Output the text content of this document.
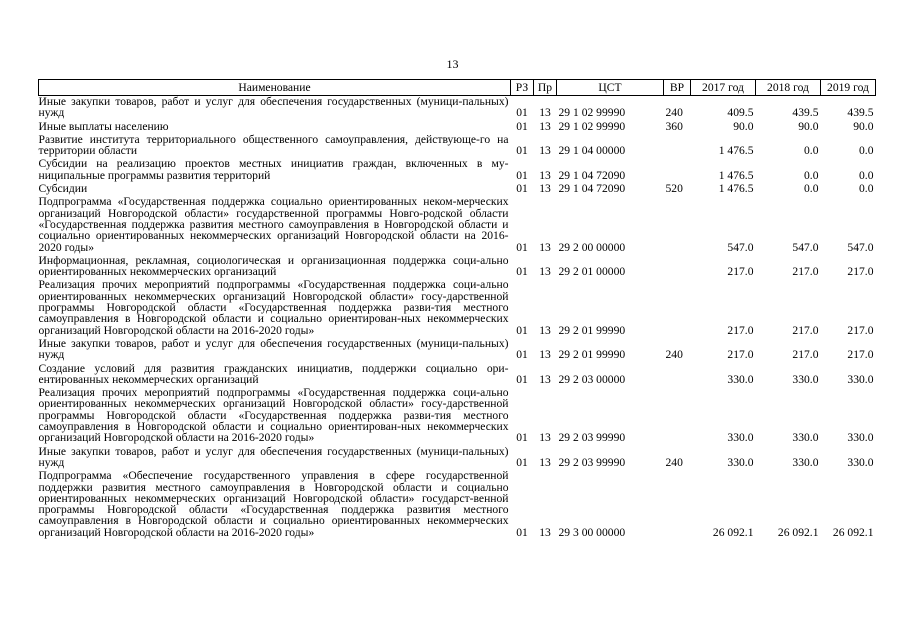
13
Наименование	РЗ	Пр	ЦСТ	ВР	2017 год	2018 год	2019 год
Иные закупки товаров, работ и услуг для обеспечения государственных (муници-пальных) нужд	01	13	29 1 02 99990	240	409.5	439.5	439.5
Иные выплаты населению	01	13	29 1 02 99990	360	90.0	90.0	90.0
Развитие института территориального общественного самоуправления, действующе-го на территории области	01	13	29 1 04 00000		1 476.5	0.0	0.0
Субсидии на реализацию проектов местных инициатив граждан, включенных в му-ниципальные программы развития территорий	01	13	29 1 04 72090		1 476.5	0.0	0.0
Субсидии	01	13	29 1 04 72090	520	1 476.5	0.0	0.0
Подпрограмма «Государственная поддержка социально ориентированных неком-мерческих организаций Новгородской области» государственной программы Новго-родской области «Государственная поддержка развития местного самоуправления в Новгородской области и социально ориентированных некоммерческих организаций Новгородской области на 2016-2020 годы»	01	13	29 2 00 00000		547.0	547.0	547.0
Информационная, рекламная, социологическая и организационная поддержка соци-ально ориентированных некоммерческих организаций	01	13	29 2 01 00000		217.0	217.0	217.0
Реализация прочих мероприятий подпрограммы «Государственная поддержка соци-ально ориентированных некоммерческих организаций Новгородской области» госу-дарственной программы Новгородской области «Государственная поддержка разви-тия местного самоуправления в Новгородской области и социально ориентирован-ных некоммерческих организаций Новгородской области на 2016-2020 годы»	01	13	29 2 01 99990		217.0	217.0	217.0
Иные закупки товаров, работ и услуг для обеспечения государственных (муници-пальных) нужд	01	13	29 2 01 99990	240	217.0	217.0	217.0
Создание условий для развития гражданских инициатив, поддержки социально ори-ентированных некоммерческих организаций	01	13	29 2 03 00000		330.0	330.0	330.0
Реализация прочих мероприятий подпрограммы «Государственная поддержка соци-ально ориентированных некоммерческих организаций Новгородской области» госу-дарственной программы Новгородской области «Государственная поддержка разви-тия местного самоуправления в Новгородской области и социально ориентирован-ных некоммерческих организаций Новгородской области на 2016-2020 годы»	01	13	29 2 03 99990		330.0	330.0	330.0
Иные закупки товаров, работ и услуг для обеспечения государственных (муници-пальных) нужд	01	13	29 2 03 99990	240	330.0	330.0	330.0
Подпрограмма «Обеспечение государственного управления в сфере государственной поддержки развития местного самоуправления в Новгородской области и социально ориентированных некоммерческих организаций Новгородской области» государст-венной программы Новгородской области «Государственная поддержка развития местного самоуправления в Новгородской области и социально ориентированных некоммерческих организаций Новгородской области на 2016-2020 годы»	01	13	29 3 00 00000		26 092.1	26 092.1	26 092.1
